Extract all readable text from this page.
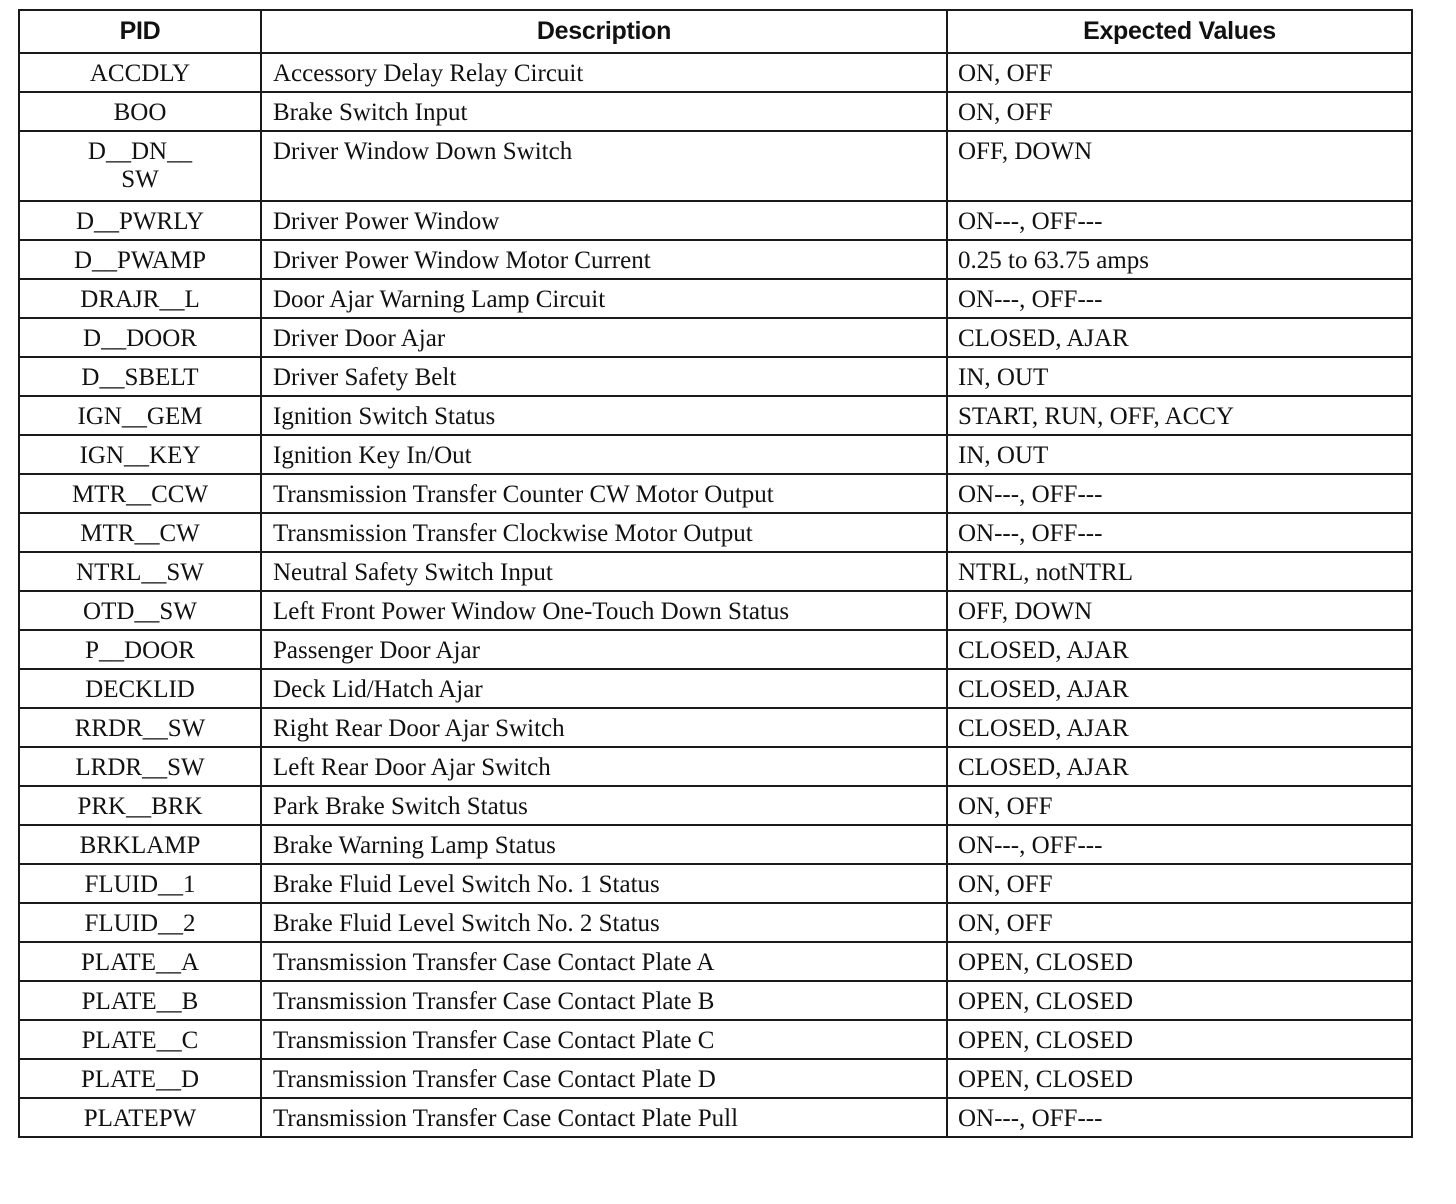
PID	Description	Expected Values
ACCDLY	Accessory Delay Relay Circuit	ON, OFF
BOO	Brake Switch Input	ON, OFF
D__DN__ SW	Driver Window Down Switch	OFF, DOWN
D__PWRLY	Driver Power Window	ON---, OFF---
D__PWAMP	Driver Power Window Motor Current	0.25 to 63.75 amps
DRAJR__L	Door Ajar Warning Lamp Circuit	ON---, OFF---
D__DOOR	Driver Door Ajar	CLOSED, AJAR
D__SBELT	Driver Safety Belt	IN, OUT
IGN__GEM	Ignition Switch Status	START, RUN, OFF, ACCY
IGN__KEY	Ignition Key In/Out	IN, OUT
MTR__CCW	Transmission Transfer Counter CW Motor Output	ON---, OFF---
MTR__CW	Transmission Transfer Clockwise Motor Output	ON---, OFF---
NTRL__SW	Neutral Safety Switch Input	NTRL, notNTRL
OTD__SW	Left Front Power Window One-Touch Down Status	OFF, DOWN
P__DOOR	Passenger Door Ajar	CLOSED, AJAR
DECKLID	Deck Lid/Hatch Ajar	CLOSED, AJAR
RRDR__SW	Right Rear Door Ajar Switch	CLOSED, AJAR
LRDR__SW	Left Rear Door Ajar Switch	CLOSED, AJAR
PRK__BRK	Park Brake Switch Status	ON, OFF
BRKLAMP	Brake Warning Lamp Status	ON---, OFF---
FLUID__1	Brake Fluid Level Switch No. 1 Status	ON, OFF
FLUID__2	Brake Fluid Level Switch No. 2 Status	ON, OFF
PLATE__A	Transmission Transfer Case Contact Plate A	OPEN, CLOSED
PLATE__B	Transmission Transfer Case Contact Plate B	OPEN, CLOSED
PLATE__C	Transmission Transfer Case Contact Plate C	OPEN, CLOSED
PLATE__D	Transmission Transfer Case Contact Plate D	OPEN, CLOSED
PLATEPW	Transmission Transfer Case Contact Plate Pull	ON---, OFF---
